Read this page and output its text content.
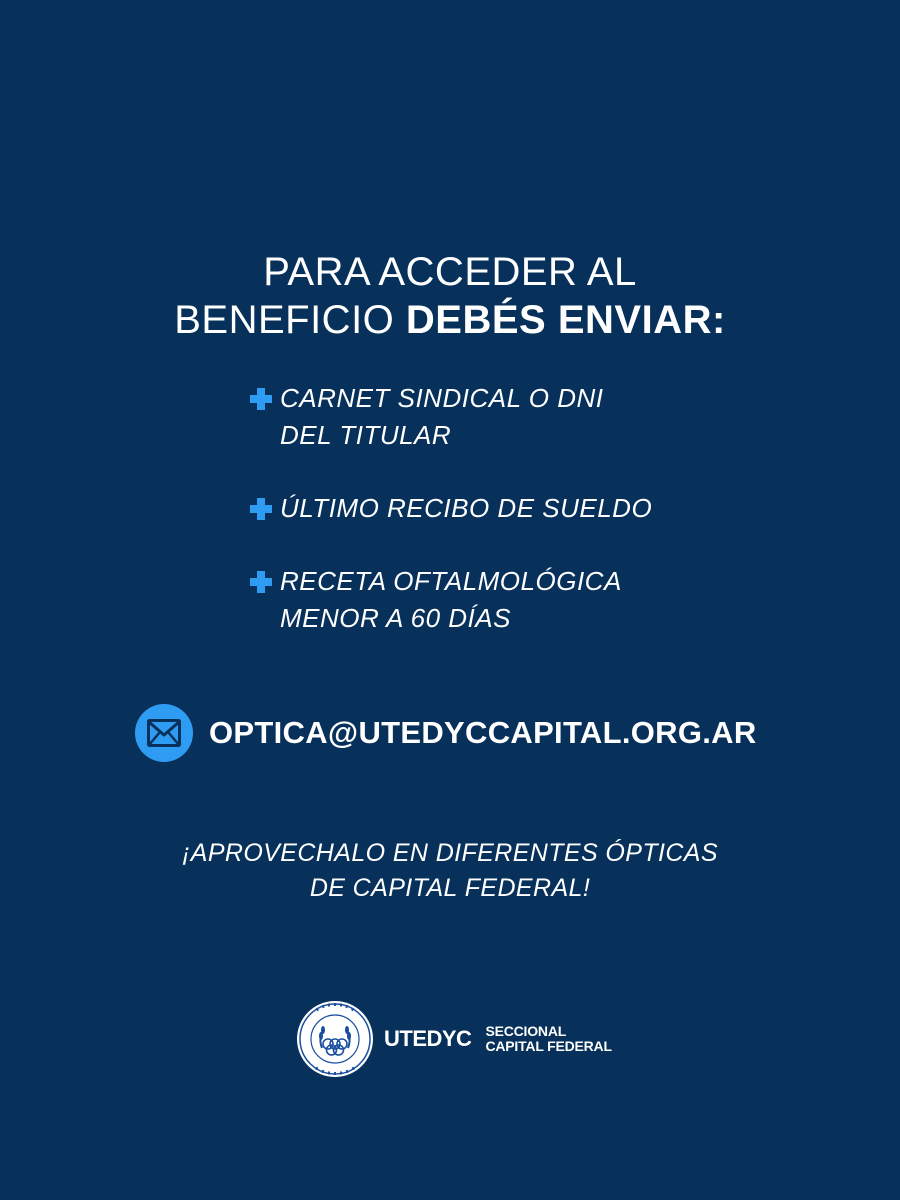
PARA ACCEDER AL
BENEFICIO DEBÉS ENVIAR:
CARNET SINDICAL O DNI
DEL TITULAR
ÚLTIMO RECIBO DE SUELDO
RECETA OFTALMOLÓGICA
MENOR A 60 DÍAS
OPTICA@UTEDYCCAPITAL.ORG.AR
¡APROVECHALO EN DIFERENTES ÓPTICAS
DE CAPITAL FEDERAL!
UTEDYC SECCIONAL
CAPITAL FEDERAL
